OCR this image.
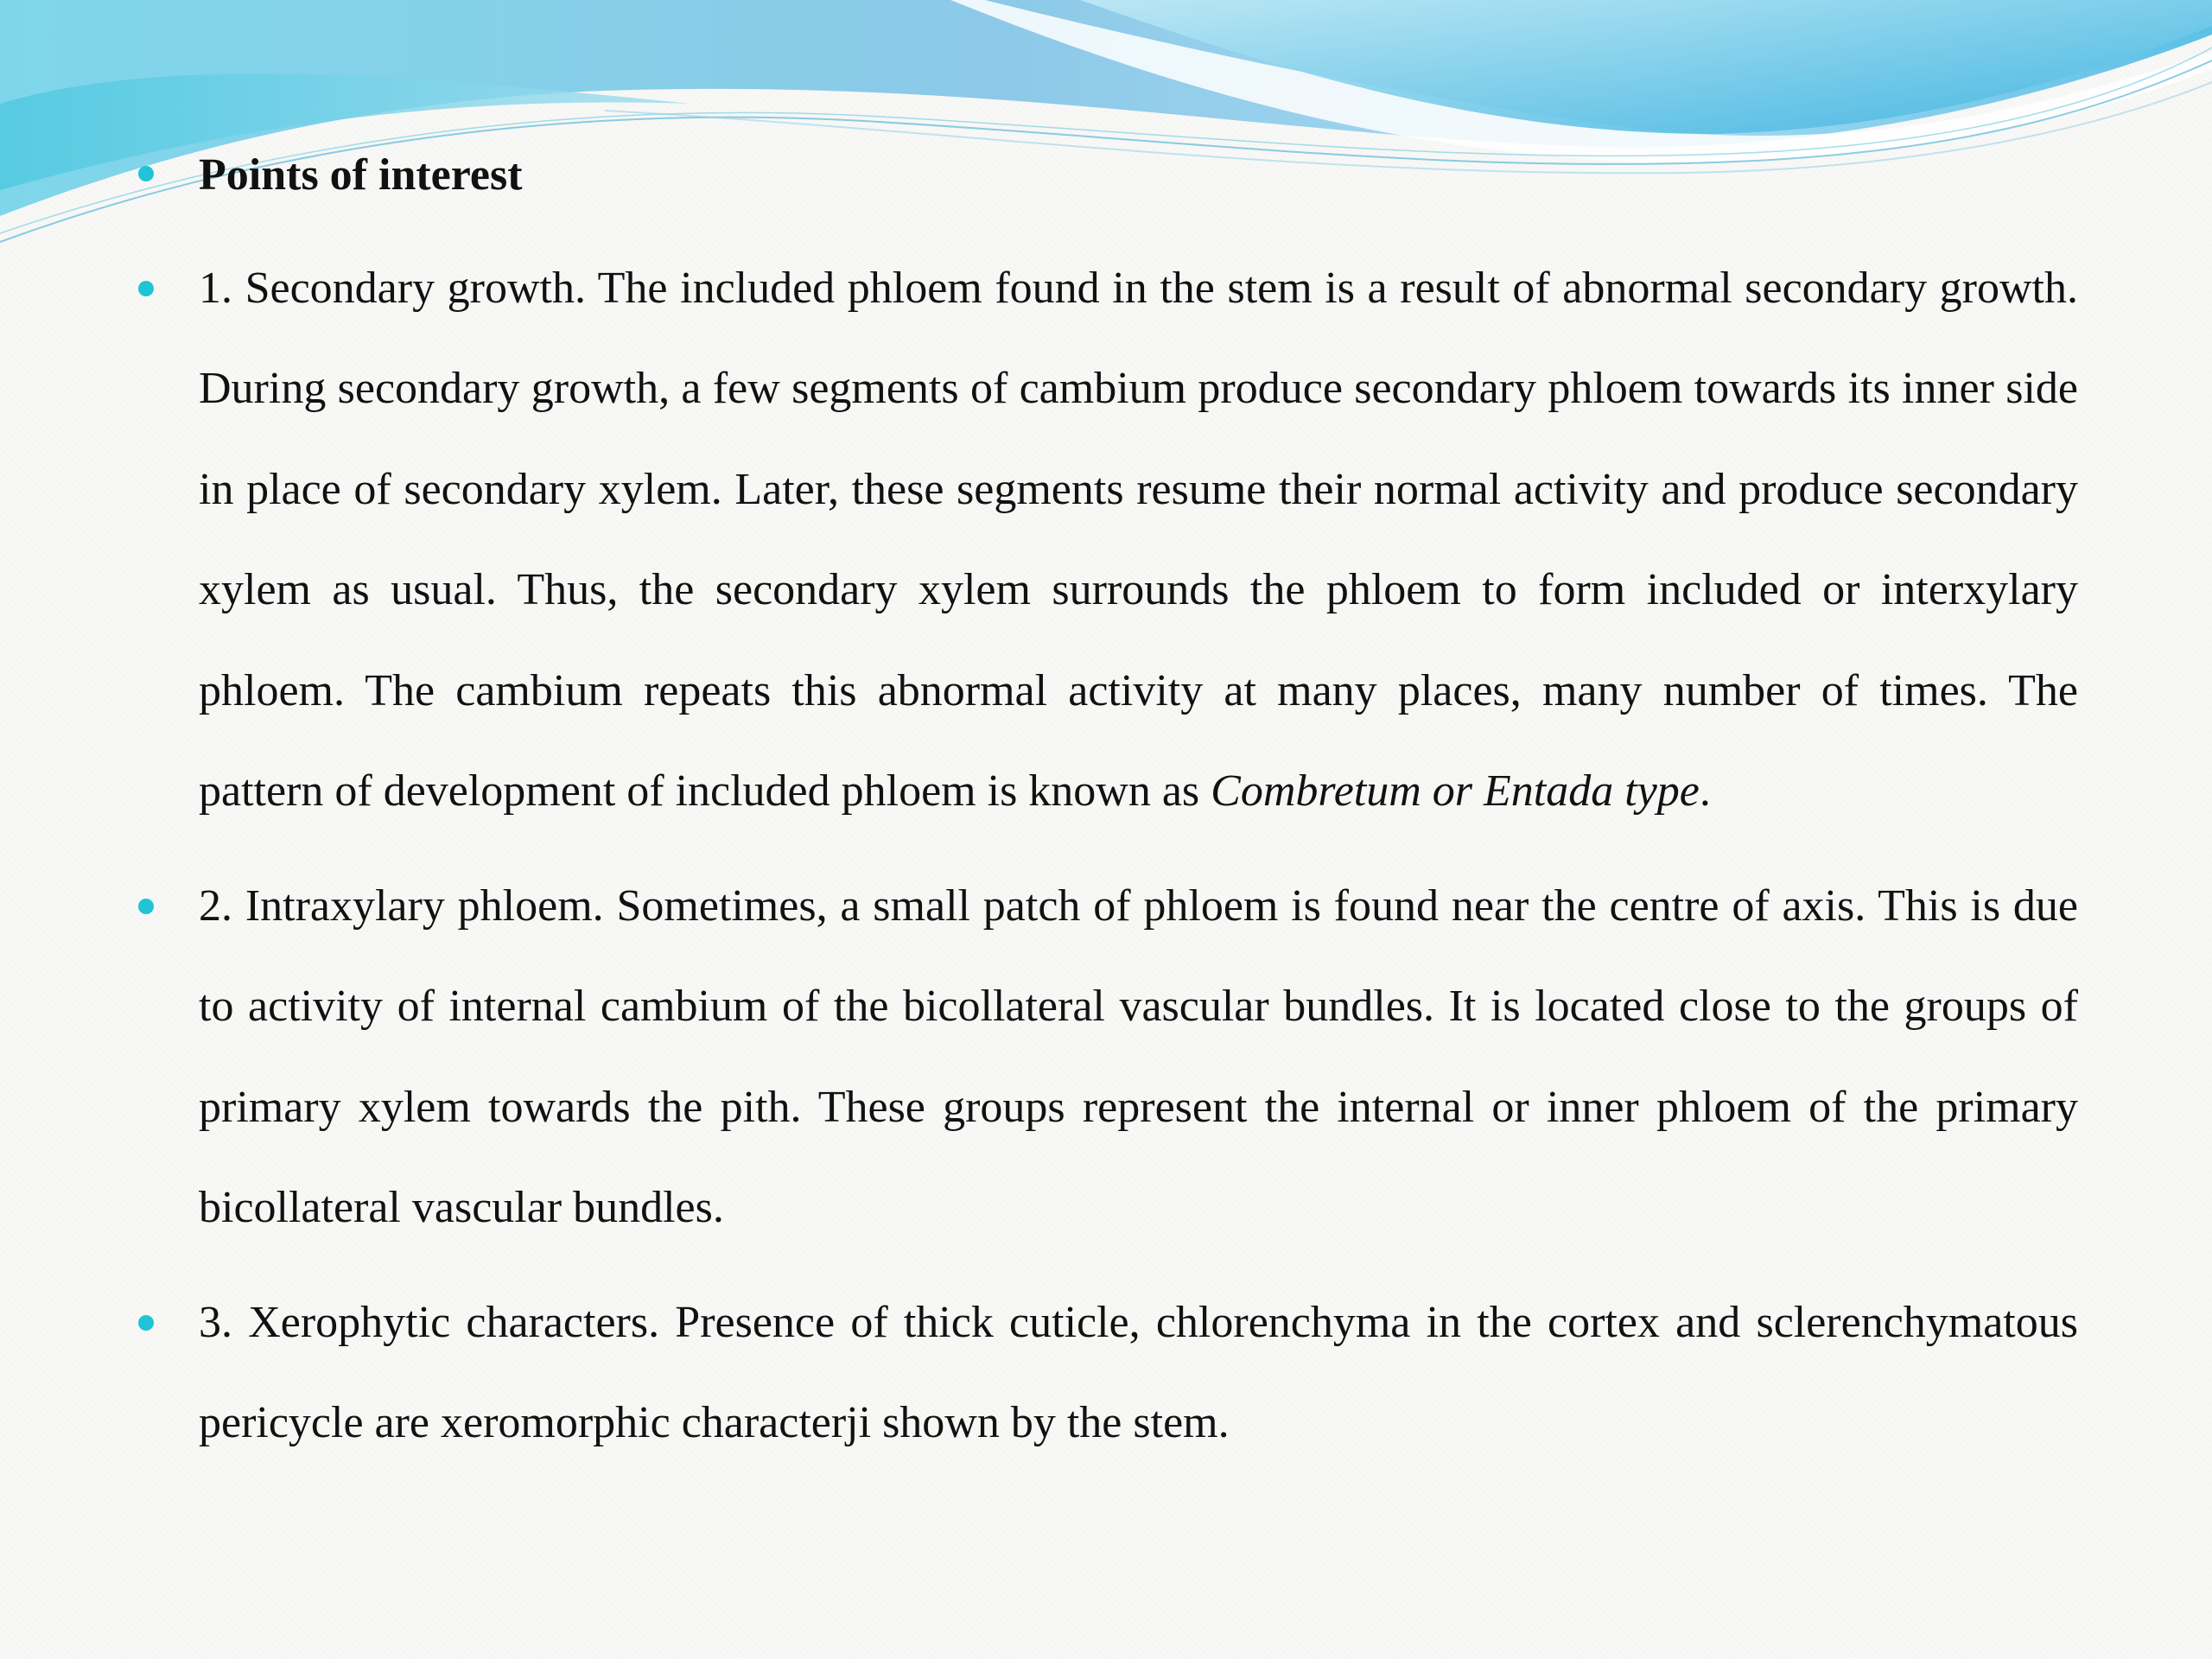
Points of interest
1. Secondary growth. The included phloem found in the stem is a result of abnormal secondary growth. During secondary growth, a few segments of cambium produce secondary phloem towards its inner side in place of secondary xylem. Later, these segments resume their normal activity and produce secondary xylem as usual. Thus, the secondary xylem surrounds the phloem to form included or interxylary phloem. The cambium repeats this abnormal activity at many places, many number of times. The pattern of development of included phloem is known as Combretum or Entada type.
2. Intraxylary phloem. Sometimes, a small patch of phloem is found near the centre of axis. This is due to activity of internal cambium of the bicollateral vascular bundles. It is located close to the groups of primary xylem towards the pith. These groups represent the internal or inner phloem of the primary bicollateral vascular bundles.
3. Xerophytic characters. Presence of thick cuticle, chlorenchyma in the cortex and sclerenchymatous pericycle are xeromorphic characterji shown by the stem.
